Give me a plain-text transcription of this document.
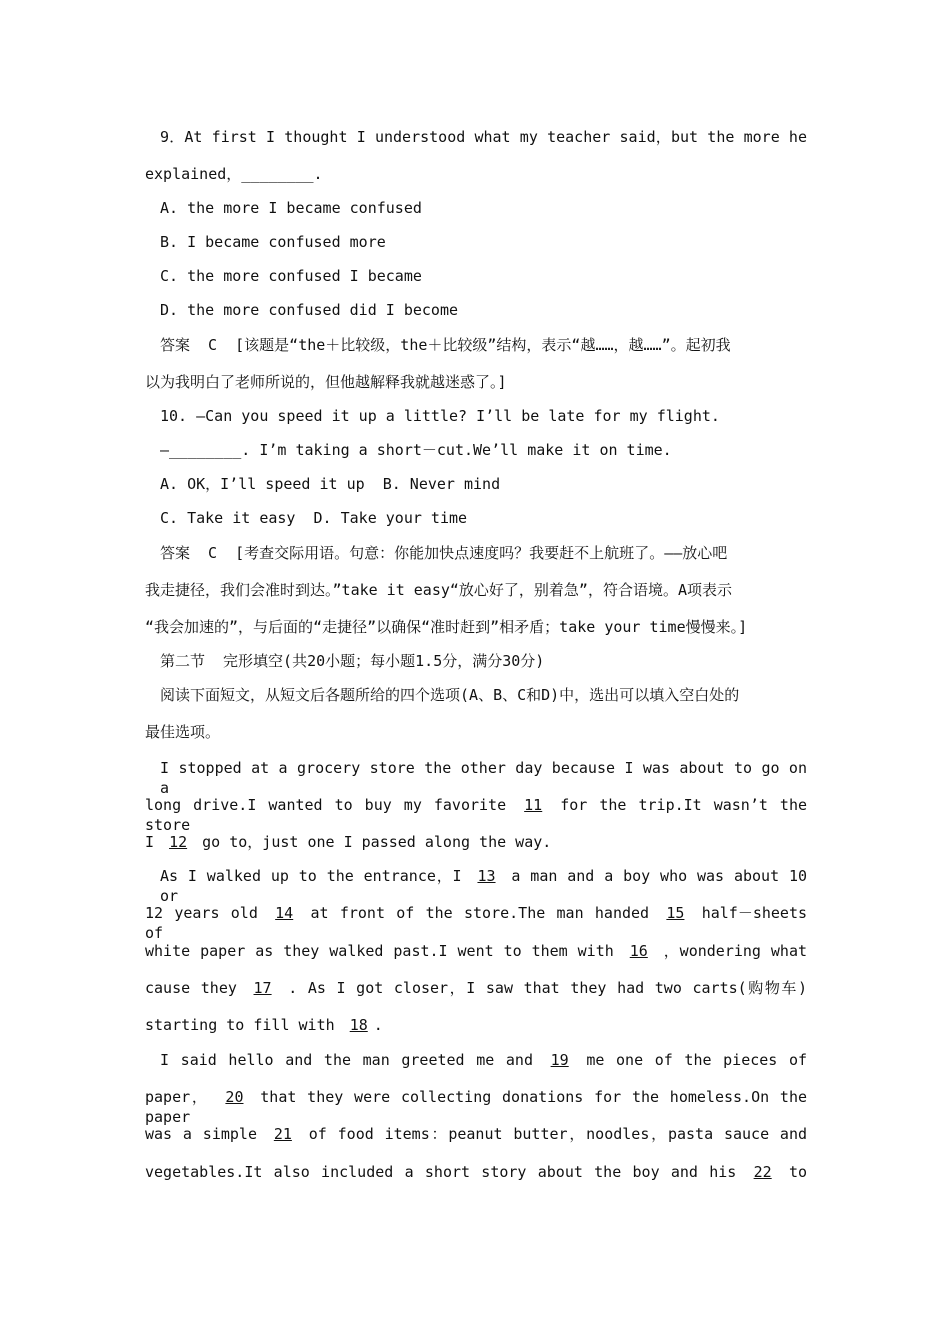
9．At first I thought I understood what my teacher said，but the more he
explained，________.
A. the more I became confused
B. I became confused more
C. the more confused I became
D. the more confused did I become
答案  C  [该题是“the＋比较级，the＋比较级”结构，表示“越……，越……”。起初我
以为我明白了老师所说的，但他越解释我就越迷惑了。]
10. —Can you speed it up a little? I’ll be late for my flight.
—________. I’m taking a short－cut.We’ll make it on time.
A. OK，I’ll speed it up  B. Never mind
C. Take it easy  D. Take your time
答案  C  [考查交际用语。句意：你能加快点速度吗？我要赶不上航班了。——放心吧
我走捷径，我们会准时到达。”take it easy“放心好了，别着急”，符合语境。A项表示
“我会加速的”，与后面的“走捷径”以确保“准时赶到”相矛盾；take your time慢慢来。]
第二节  完形填空(共20小题；每小题1.5分，满分30分)
阅读下面短文，从短文后各题所给的四个选项(A、B、C和D)中，选出可以填入空白处的
最佳选项。
I stopped at a grocery store the other day because I was about to go on a
long drive.I wanted to buy my favorite 11 for the trip.It wasn’t the store
I 12 go to，just one I passed along the way.
As I walked up to the entrance，I 13 a man and a boy who was about 10 or
12 years old 14 at front of the store.The man handed 15 half－sheets of
white paper as they walked past.I went to them with 16 ，wondering what
cause they 17 . As I got closer，I saw that they had two carts(购物车)
starting to fill with 18 .
I said hello and the man greeted me and 19 me one of the pieces of
paper， 20 that they were collecting donations for the homeless.On the paper
was a simple 21 of food items：peanut butter，noodles，pasta sauce and
vegetables.It also included a short story about the boy and his 22 to
